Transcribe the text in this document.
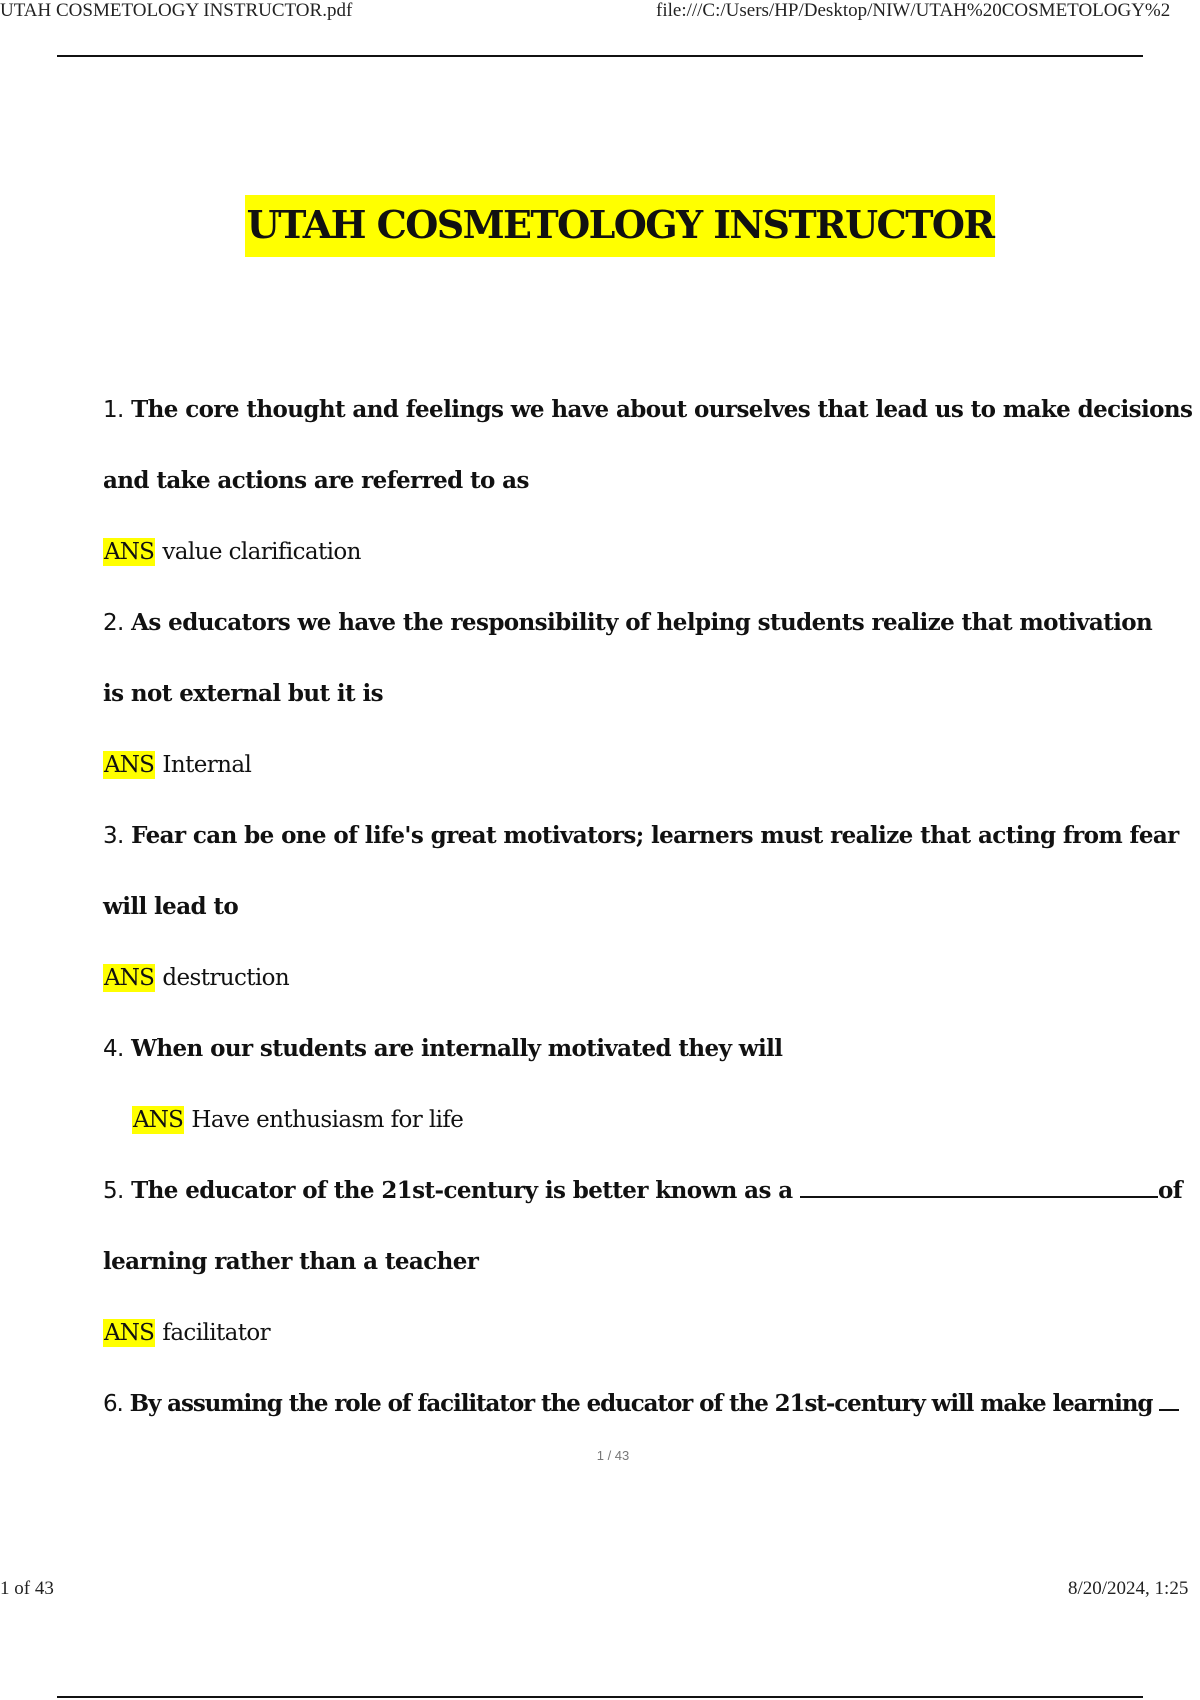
UTAH COSMETOLOGY INSTRUCTOR.pdf	file:///C:/Users/HP/Desktop/NIW/UTAH%20COSMETOLOGY%2
UTAH COSMETOLOGY INSTRUCTOR
1. The core thought and feelings we have about ourselves that lead us to make decisions
and take actions are referred to as
ANS value clarification
2. As educators we have the responsibility of helping students realize that motivation
is not external but it is
ANS Internal
3. Fear can be one of life's great motivators; learners must realize that acting from fear
will lead to
ANS destruction
4. When our students are internally motivated they will
ANS Have enthusiasm for life
5. The educator of the 21st-century is better known as a	of
learning rather than a teacher
ANS facilitator
6. By assuming the role of facilitator the educator of the 21st-century will make learning
1 / 43
1 of 43	8/20/2024, 1:25
